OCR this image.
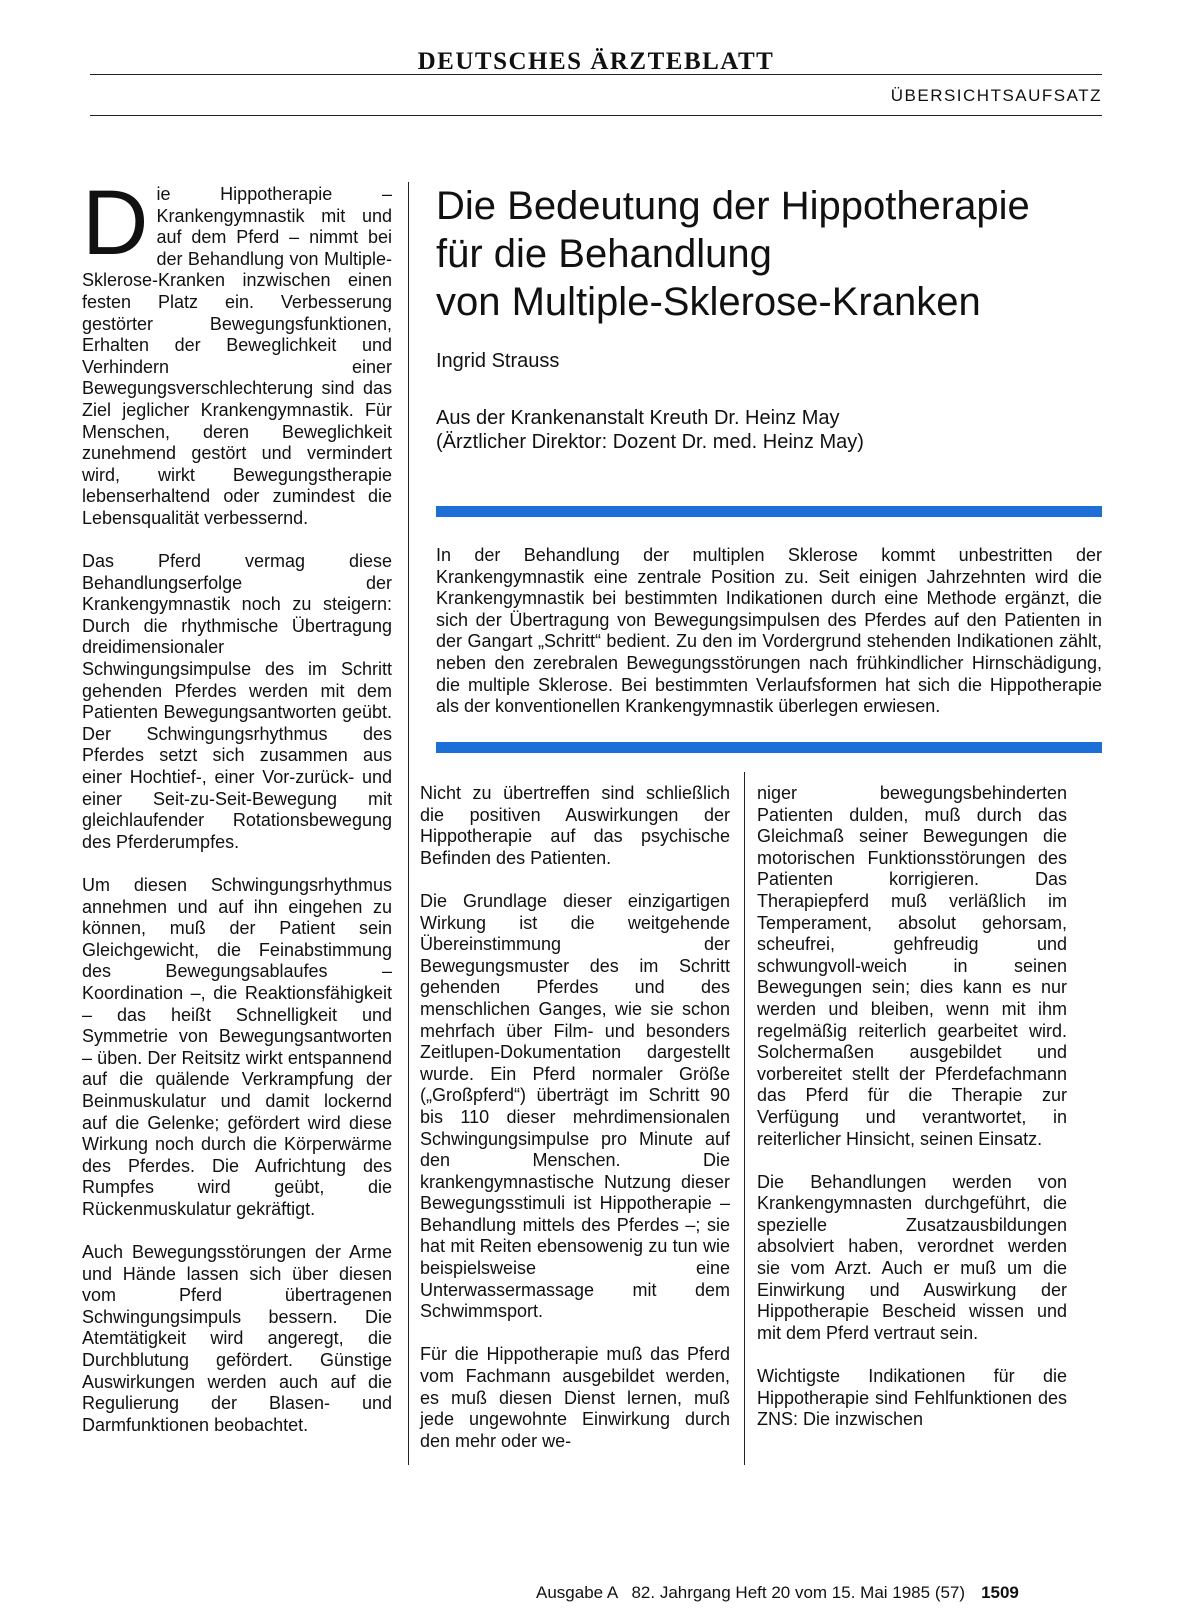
DEUTSCHES ÄRZTEBLATT
ÜBERSICHTSAUFSATZ

Die Hippotherapie – Krankengymnastik mit und auf dem Pferd – nimmt bei der Behandlung von Multiple-Sklerose-Kranken inzwischen einen festen Platz ein. Verbesserung gestörter Bewegungsfunktionen, Erhalten der Beweglichkeit und Verhindern einer Bewegungsverschlechterung sind das Ziel jeglicher Krankengymnastik. Für Menschen, deren Beweglichkeit zunehmend gestört und vermindert wird, wirkt Bewegungstherapie lebenserhaltend oder zumindest die Lebensqualität verbessernd.

Das Pferd vermag diese Behandlungserfolge der Krankengymnastik noch zu steigern: Durch die rhythmische Übertragung dreidimensionaler Schwingungsimpulse des im Schritt gehenden Pferdes werden mit dem Patienten Bewegungsantworten geübt. Der Schwingungsrhythmus des Pferdes setzt sich zusammen aus einer Hochtief-, einer Vor-zurück- und einer Seit-zu-Seit-Bewegung mit gleichlaufender Rotationsbewegung des Pferderumpfes.

Um diesen Schwingungsrhythmus annehmen und auf ihn eingehen zu können, muß der Patient sein Gleichgewicht, die Feinabstimmung des Bewegungsablaufes – Koordination –, die Reaktionsfähigkeit – das heißt Schnelligkeit und Symmetrie von Bewegungsantworten – üben. Der Reitsitz wirkt entspannend auf die quälende Verkrampfung der Beinmuskulatur und damit lockernd auf die Gelenke; gefördert wird diese Wirkung noch durch die Körperwärme des Pferdes. Die Aufrichtung des Rumpfes wird geübt, die Rückenmuskulatur gekräftigt.

Auch Bewegungsstörungen der Arme und Hände lassen sich über diesen vom Pferd übertragenen Schwingungsimpuls bessern. Die Atemtätigkeit wird angeregt, die Durchblutung gefördert. Günstige Auswirkungen werden auch auf die Regulierung der Blasen- und Darmfunktionen beobachtet.

Die Bedeutung der Hippotherapie
für die Behandlung
von Multiple-Sklerose-Kranken
Ingrid Strauss
Aus der Krankenanstalt Kreuth Dr. Heinz May
(Ärztlicher Direktor: Dozent Dr. med. Heinz May)
In der Behandlung der multiplen Sklerose kommt unbestritten der Krankengymnastik eine zentrale Position zu. Seit einigen Jahrzehnten wird die Krankengymnastik bei bestimmten Indikationen durch eine Methode ergänzt, die sich der Übertragung von Bewegungsimpulsen des Pferdes auf den Patienten in der Gangart „Schritt“ bedient. Zu den im Vordergrund stehenden Indikationen zählt, neben den zerebralen Bewegungsstörungen nach frühkindlicher Hirnschädigung, die multiple Sklerose. Bei bestimmten Verlaufsformen hat sich die Hippotherapie als der konventionellen Krankengymnastik überlegen erwiesen.

Nicht zu übertreffen sind schließlich die positiven Auswirkungen der Hippotherapie auf das psychische Befinden des Patienten.

Die Grundlage dieser einzigartigen Wirkung ist die weitgehende Übereinstimmung der Bewegungsmuster des im Schritt gehenden Pferdes und des menschlichen Ganges, wie sie schon mehrfach über Film- und besonders Zeitlupen-Dokumentation dargestellt wurde. Ein Pferd normaler Größe („Großpferd“) überträgt im Schritt 90 bis 110 dieser mehrdimensionalen Schwingungsimpulse pro Minute auf den Menschen. Die krankengymnastische Nutzung dieser Bewegungsstimuli ist Hippotherapie – Behandlung mittels des Pferdes –; sie hat mit Reiten ebensowenig zu tun wie beispielsweise eine Unterwassermassage mit dem Schwimmsport.

Für die Hippotherapie muß das Pferd vom Fachmann ausgebildet werden, es muß diesen Dienst lernen, muß jede ungewohnte Einwirkung durch den mehr oder we-

niger bewegungsbehinderten Patienten dulden, muß durch das Gleichmaß seiner Bewegungen die motorischen Funktionsstörungen des Patienten korrigieren. Das Therapiepferd muß verläßlich im Temperament, absolut gehorsam, scheufrei, gehfreudig und schwungvoll-weich in seinen Bewegungen sein; dies kann es nur werden und bleiben, wenn mit ihm regelmäßig reiterlich gearbeitet wird. Solchermaßen ausgebildet und vorbereitet stellt der Pferdefachmann das Pferd für die Therapie zur Verfügung und verantwortet, in reiterlicher Hinsicht, seinen Einsatz.

Die Behandlungen werden von Krankengymnasten durchgeführt, die spezielle Zusatzausbildungen absolviert haben, verordnet werden sie vom Arzt. Auch er muß um die Einwirkung und Auswirkung der Hippotherapie Bescheid wissen und mit dem Pferd vertraut sein.

Wichtigste Indikationen für die Hippotherapie sind Fehlfunktionen des ZNS: Die inzwischen

Ausgabe A   82. Jahrgang Heft 20 vom 15. Mai 1985 (57) 1509
